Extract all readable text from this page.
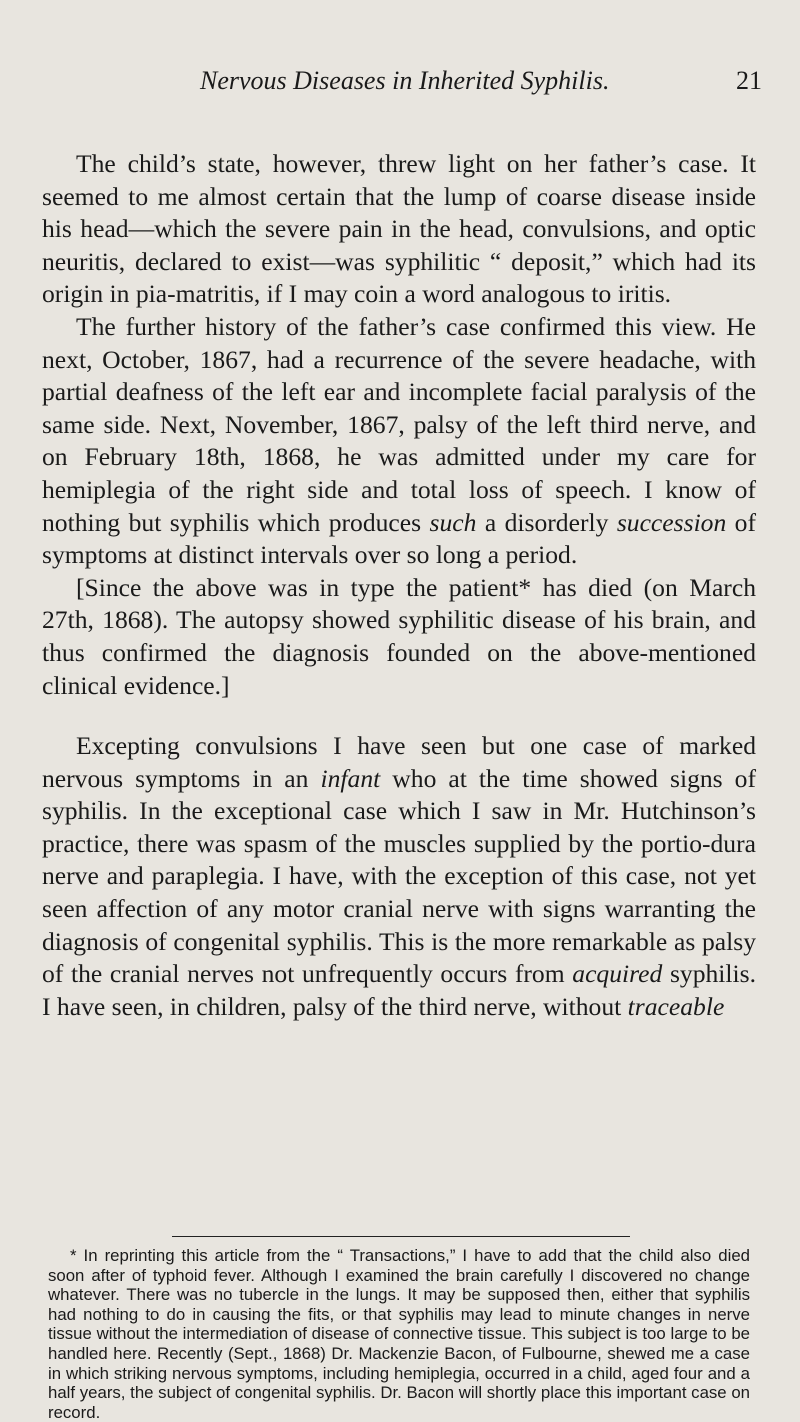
Nervous Diseases in Inherited Syphilis.	21

The child’s state, however, threw light on her father’s case. It seemed to me almost certain that the lump of coarse disease inside his head—which the severe pain in the head, convulsions, and optic neuritis, declared to exist—was syphilitic “ deposit,” which had its origin in pia-matritis, if I may coin a word analogous to iritis.

The further history of the father’s case confirmed this view. He next, October, 1867, had a recurrence of the severe headache, with partial deafness of the left ear and incomplete facial paralysis of the same side. Next, November, 1867, palsy of the left third nerve, and on February 18th, 1868, he was admitted under my care for hemiplegia of the right side and total loss of speech. I know of nothing but syphilis which produces such a disorderly succession of symptoms at distinct intervals over so long a period.

[Since the above was in type the patient* has died (on March 27th, 1868). The autopsy showed syphilitic disease of his brain, and thus confirmed the diagnosis founded on the above-mentioned clinical evidence.]

Excepting convulsions I have seen but one case of marked nervous symptoms in an infant who at the time showed signs of syphilis. In the exceptional case which I saw in Mr. Hutchinson’s practice, there was spasm of the muscles supplied by the portio-dura nerve and paraplegia. I have, with the exception of this case, not yet seen affection of any motor cranial nerve with signs warranting the diagnosis of congenital syphilis. This is the more remarkable as palsy of the cranial nerves not unfrequently occurs from acquired syphilis. I have seen, in children, palsy of the third nerve, without traceable

* In reprinting this article from the “ Transactions,” I have to add that the child also died soon after of typhoid fever. Although I examined the brain carefully I discovered no change whatever. There was no tubercle in the lungs. It may be supposed then, either that syphilis had nothing to do in causing the fits, or that syphilis may lead to minute changes in nerve tissue without the intermediation of disease of connective tissue. This subject is too large to be handled here. Recently (Sept., 1868) Dr. Mackenzie Bacon, of Fulbourne, shewed me a case in which striking nervous symptoms, including hemiplegia, occurred in a child, aged four and a half years, the subject of congenital syphilis. Dr. Bacon will shortly place this important case on record.
